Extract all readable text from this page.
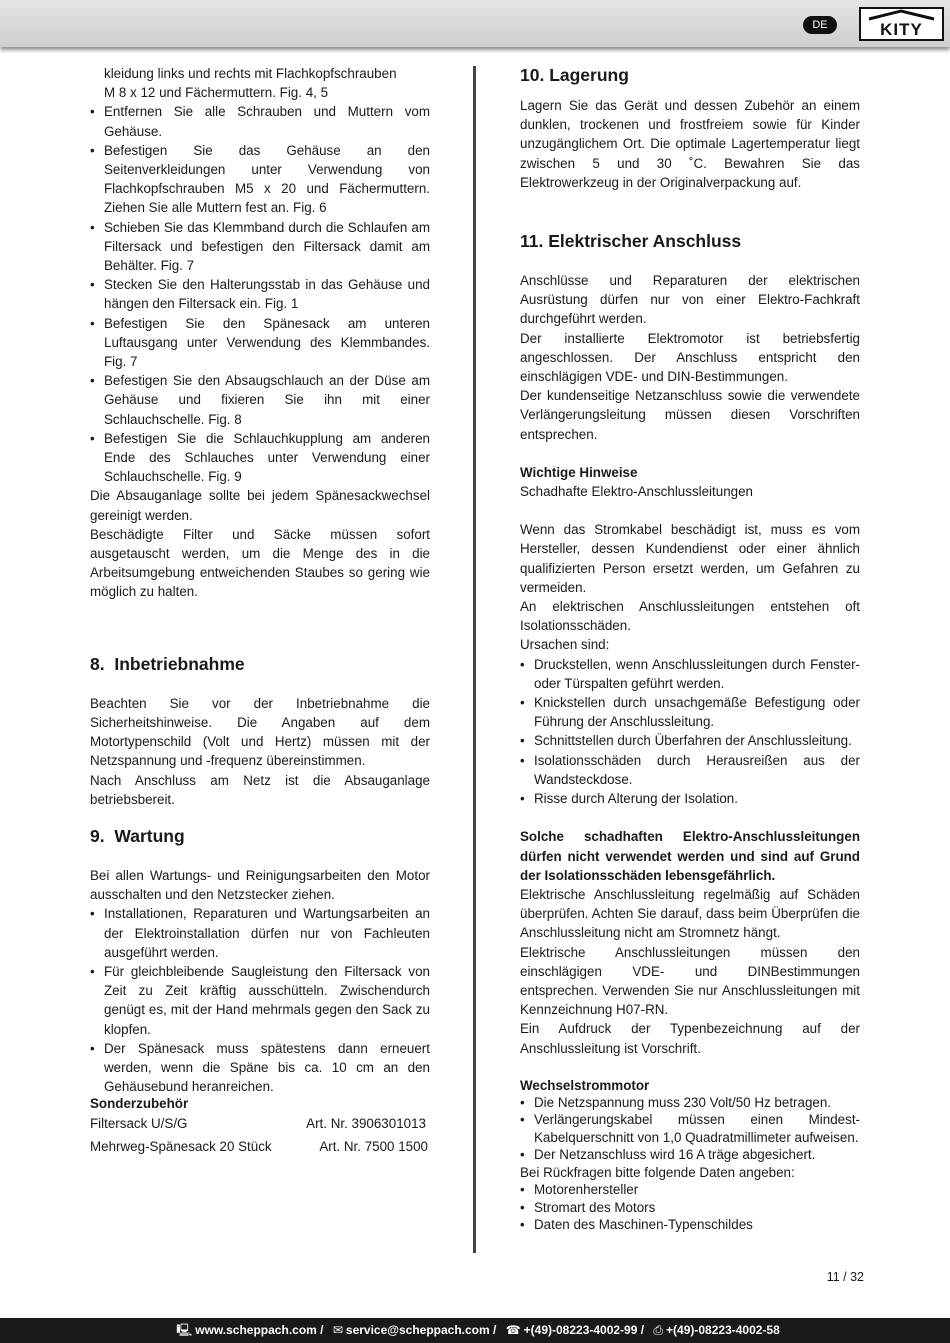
DE	KITY

kleidung links und rechts mit Flachkopfschrauben

M 8 x 12 und Fächermuttern. Fig. 4, 5

• Entfernen Sie alle Schrauben und Muttern vom Gehäuse.
• Befestigen Sie das Gehäuse an den Seitenverkleidungen unter Verwendung von Flachkopfschrauben M5 x 20 und Fächermuttern. Ziehen Sie alle Muttern fest an. Fig. 6
• Schieben Sie das Klemmband durch die Schlaufen am Filtersack und befestigen den Filtersack damit am Behälter. Fig. 7
• Stecken Sie den Halterungsstab in das Gehäuse und hängen den Filtersack ein. Fig. 1
• Befestigen Sie den Spänesack am unteren Luftausgang unter Verwendung des Klemmbandes. Fig. 7
• Befestigen Sie den Absaugschlauch an der Düse am Gehäuse und fixieren Sie ihn mit einer Schlauchschelle. Fig. 8
• Befestigen Sie die Schlauchkupplung am anderen Ende des Schlauches unter Verwendung einer Schlauchschelle. Fig. 9

Die Absauganlage sollte bei jedem Spänesackwechsel gereinigt werden.

Beschädigte Filter und Säcke müssen sofort ausgetauscht werden, um die Menge des in die Arbeitsumgebung entweichenden Staubes so gering wie möglich zu halten.

8. Inbetriebnahme

Beachten Sie vor der Inbetriebnahme die Sicherheitshinweise. Die Angaben auf dem Motortypenschild (Volt und Hertz) müssen mit der Netzspannung und -frequenz übereinstimmen.

Nach Anschluss am Netz ist die Absauganlage betriebsbereit.

9. Wartung

Bei allen Wartungs- und Reinigungsarbeiten den Motor ausschalten und den Netzstecker ziehen.

• Installationen, Reparaturen und Wartungsarbeiten an der Elektroinstallation dürfen nur von Fachleuten ausgeführt werden.
• Für gleichbleibende Saugleistung den Filtersack von Zeit zu Zeit kräftig ausschütteln. Zwischendurch genügt es, mit der Hand mehrmals gegen den Sack zu klopfen.
• Der Spänesack muss spätestens dann erneuert werden, wenn die Späne bis ca. 10 cm an den Gehäusebund heranreichen.

Sonderzubehör

Filtersack U/S/G	Art. Nr. 3906301013
Mehrweg-Spänesack 20 Stück	Art. Nr. 7500 1500
10. Lagerung

Lagern Sie das Gerät und dessen Zubehör an einem dunklen, trockenen und frostfreiem sowie für Kinder unzugänglichem Ort. Die optimale Lagertemperatur liegt zwischen 5 und 30 ˚C. Bewahren Sie das Elektrowerkzeug in der Originalverpackung auf.

11. Elektrischer Anschluss

Anschlüsse und Reparaturen der elektrischen Ausrüstung dürfen nur von einer Elektro-Fachkraft durchgeführt werden.

Der installierte Elektromotor ist betriebsfertig angeschlossen. Der Anschluss entspricht den einschlägigen VDE- und DIN-Bestimmungen.

Der kundenseitige Netzanschluss sowie die verwendete Verlängerungsleitung müssen diesen Vorschriften entsprechen.

Wichtige Hinweise

Schadhafte Elektro-Anschlussleitungen

Wenn das Stromkabel beschädigt ist, muss es vom Hersteller, dessen Kundendienst oder einer ähnlich qualifizierten Person ersetzt werden, um Gefahren zu vermeiden.

An elektrischen Anschlussleitungen entstehen oft Isolationsschäden.

Ursachen sind:

• Druckstellen, wenn Anschlussleitungen durch Fenster- oder Türspalten geführt werden.
• Knickstellen durch unsachgemäße Befestigung oder Führung der Anschlussleitung.
• Schnittstellen durch Überfahren der Anschlussleitung.
• Isolationsschäden durch Herausreißen aus der Wandsteckdose.
• Risse durch Alterung der Isolation.

Solche schadhaften Elektro-Anschlussleitungen dürfen nicht verwendet werden und sind auf Grund der Isolationsschäden lebensgefährlich.

Elektrische Anschlussleitung regelmäßig auf Schäden überprüfen. Achten Sie darauf, dass beim Überprüfen die Anschlussleitung nicht am Stromnetz hängt.

Elektrische Anschlussleitungen müssen den einschlägigen VDE- und DINBestimmungen entsprechen. Verwenden Sie nur Anschlussleitungen mit Kennzeichnung H07-RN.

Ein Aufdruck der Typenbezeichnung auf der Anschlussleitung ist Vorschrift.

Wechselstrommotor

• Die Netzspannung muss 230 Volt/50 Hz betragen.
• Verlängerungskabel müssen einen Mindest-Kabelquerschnitt von 1,0 Quadratmillimeter aufweisen.
• Der Netzanschluss wird 16 A träge abgesichert.

Bei Rückfragen bitte folgende Daten angeben:

• Motorenhersteller
• Stromart des Motors
• Daten des Maschinen-Typenschildes
11 / 32
🖳 www.scheppach.com / ✉ service@scheppach.com / ☎ +(49)-08223-4002-99 / ⎙ +(49)-08223-4002-58
